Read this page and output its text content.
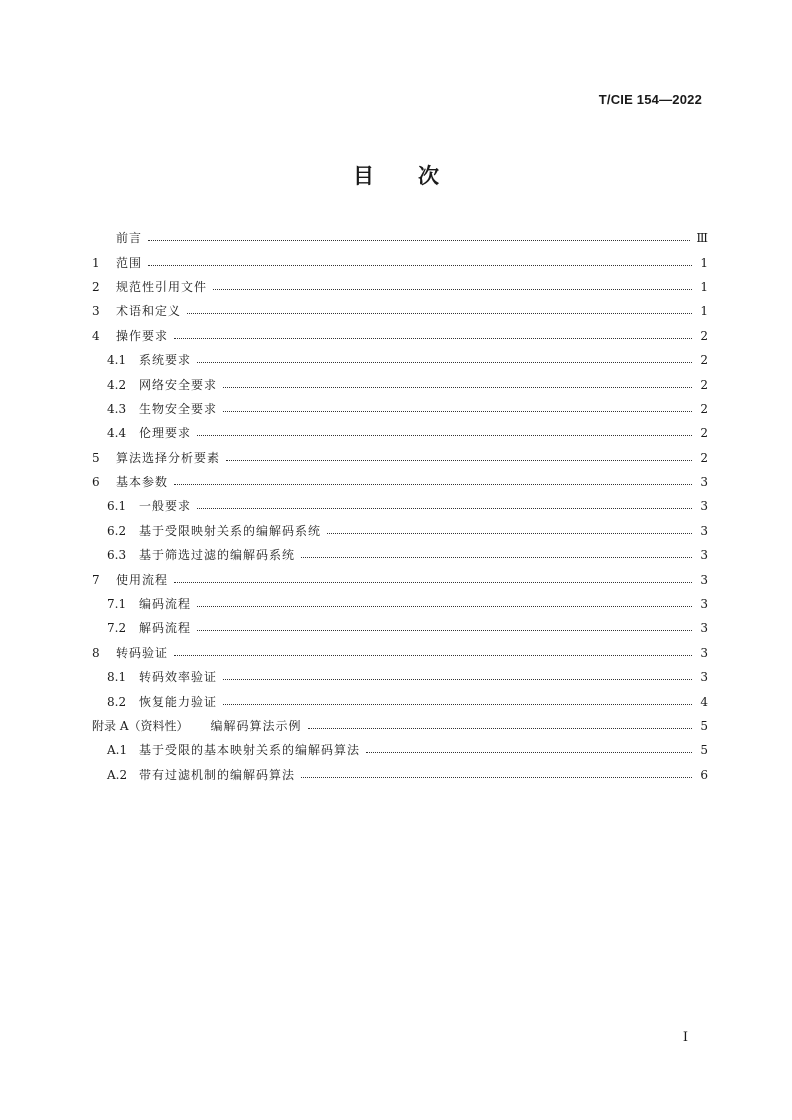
T/CIE 154—2022
目 次
前言	Ⅲ
1	范围	1
2	规范性引用文件	1
3	术语和定义	1
4	操作要求	2
4.1	系统要求	2
4.2	网络安全要求	2
4.3	生物安全要求	2
4.4	伦理要求	2
5	算法选择分析要素	2
6	基本参数	3
6.1	一般要求	3
6.2	基于受限映射关系的编解码系统	3
6.3	基于筛选过滤的编解码系统	3
7	使用流程	3
7.1	编码流程	3
7.2	解码流程	3
8	转码验证	3
8.1	转码效率验证	3
8.2	恢复能力验证	4
附录 A（资料性） 编解码算法示例	5
A.1 基于受限的基本映射关系的编解码算法	5
A.2 带有过滤机制的编解码算法	6
I
